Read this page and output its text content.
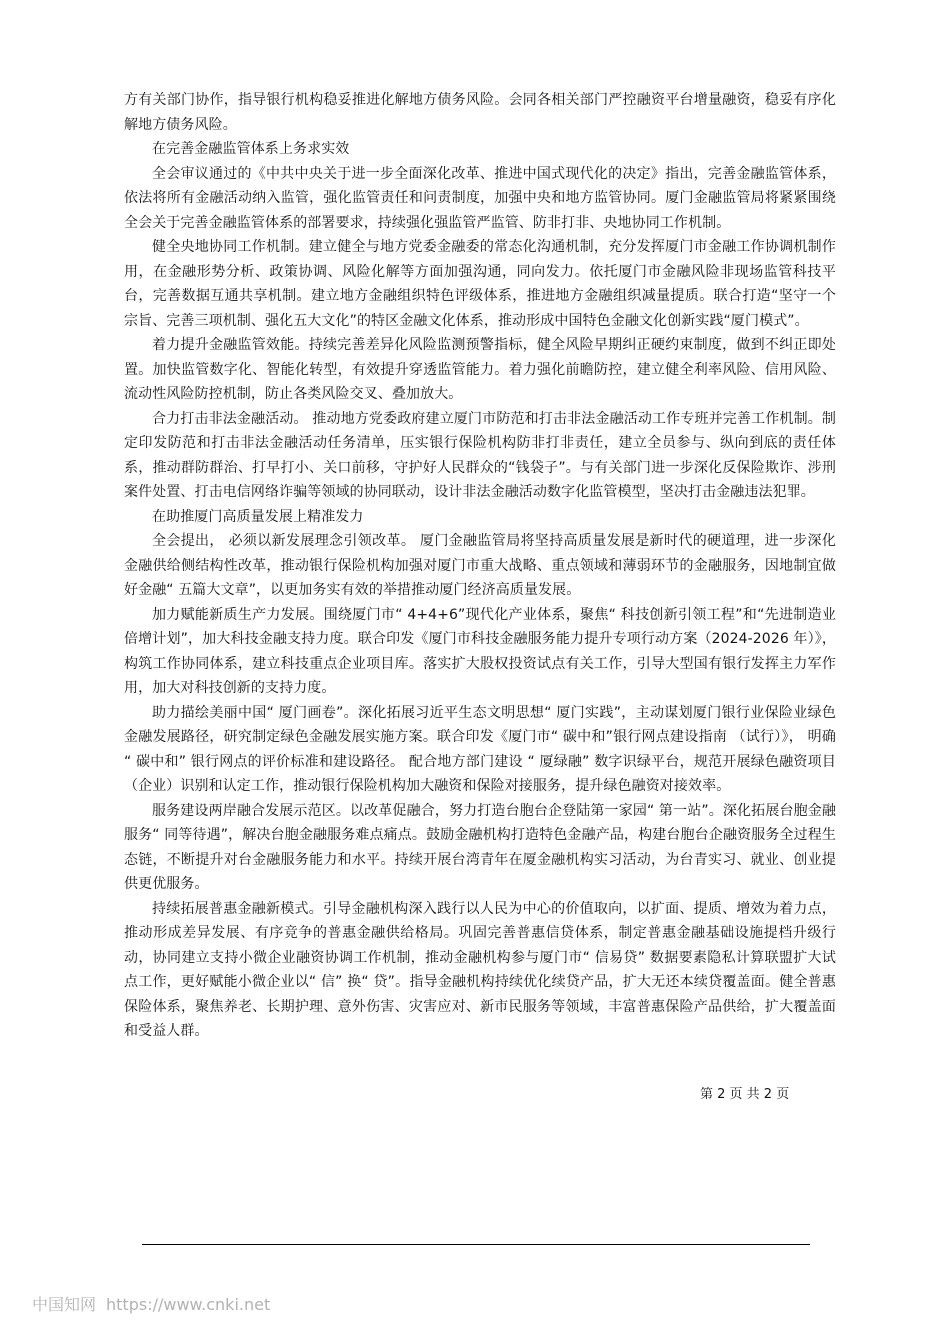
方有关部门协作，指导银行机构稳妥推进化解地方债务风险。会同各相关部门严控融资平台增量融资，稳妥有序化解地方债务风险。

在完善金融监管体系上务求实效

全会审议通过的《中共中央关于进一步全面深化改革、推进中国式现代化的决定》指出，完善金融监管体系，依法将所有金融活动纳入监管，强化监管责任和问责制度，加强中央和地方监管协同。厦门金融监管局将紧紧围绕全会关于完善金融监管体系的部署要求，持续强化强监管严监管、防非打非、央地协同工作机制。

健全央地协同工作机制。建立健全与地方党委金融委的常态化沟通机制，充分发挥厦门市金融工作协调机制作用，在金融形势分析、政策协调、风险化解等方面加强沟通，同向发力。依托厦门市金融风险非现场监管科技平台，完善数据互通共享机制。建立地方金融组织特色评级体系，推进地方金融组织减量提质。联合打造“坚守一个宗旨、完善三项机制、强化五大文化”的特区金融文化体系，推动形成中国特色金融文化创新实践“厦门模式”。

着力提升金融监管效能。持续完善差异化风险监测预警指标，健全风险早期纠正硬约束制度，做到不纠正即处置。加快监管数字化、智能化转型，有效提升穿透监管能力。着力强化前瞻防控，建立健全利率风险、信用风险、流动性风险防控机制，防止各类风险交叉、叠加放大。

合力打击非法金融活动。 推动地方党委政府建立厦门市防范和打击非法金融活动工作专班并完善工作机制。制定印发防范和打击非法金融活动任务清单，压实银行保险机构防非打非责任，建立全员参与、纵向到底的责任体系，推动群防群治、打早打小、关口前移，守护好人民群众的“钱袋子”。与有关部门进一步深化反保险欺诈、涉刑案件处置、打击电信网络诈骗等领域的协同联动，设计非法金融活动数字化监管模型，坚决打击金融违法犯罪。

在助推厦门高质量发展上精准发力

全会提出， 必须以新发展理念引领改革。 厦门金融监管局将坚持高质量发展是新时代的硬道理，进一步深化金融供给侧结构性改革，推动银行保险机构加强对厦门市重大战略、重点领域和薄弱环节的金融服务，因地制宜做好金融“ 五篇大文章”，以更加务实有效的举措推动厦门经济高质量发展。

加力赋能新质生产力发展。围绕厦门市“ 4+4+6”现代化产业体系，聚焦“ 科技创新引领工程”和“先进制造业倍增计划”，加大科技金融支持力度。联合印发《厦门市科技金融服务能力提升专项行动方案（2024-2026 年）》，构筑工作协同体系，建立科技重点企业项目库。落实扩大股权投资试点有关工作，引导大型国有银行发挥主力军作用，加大对科技创新的支持力度。

助力描绘美丽中国“ 厦门画卷”。深化拓展习近平生态文明思想“ 厦门实践”，主动谋划厦门银行业保险业绿色金融发展路径，研究制定绿色金融发展实施方案。联合印发《厦门市“ 碳中和”银行网点建设指南 （试行）》， 明确 “ 碳中和” 银行网点的评价标准和建设路径。 配合地方部门建设 “ 厦绿融” 数字识绿平台，规范开展绿色融资项目（企业）识别和认定工作，推动银行保险机构加大融资和保险对接服务，提升绿色融资对接效率。

服务建设两岸融合发展示范区。以改革促融合，努力打造台胞台企登陆第一家园“ 第一站”。深化拓展台胞金融服务“ 同等待遇”，解决台胞金融服务难点痛点。鼓励金融机构打造特色金融产品，构建台胞台企融资服务全过程生态链，不断提升对台金融服务能力和水平。持续开展台湾青年在厦金融机构实习活动，为台青实习、就业、创业提供更优服务。

持续拓展普惠金融新模式。引导金融机构深入践行以人民为中心的价值取向，以扩面、提质、增效为着力点，推动形成差异发展、有序竞争的普惠金融供给格局。巩固完善普惠信贷体系，制定普惠金融基础设施提档升级行动，协同建立支持小微企业融资协调工作机制，推动金融机构参与厦门市“ 信易贷” 数据要素隐私计算联盟扩大试点工作，更好赋能小微企业以“ 信” 换“ 贷”。指导金融机构持续优化续贷产品，扩大无还本续贷覆盖面。健全普惠保险体系，聚焦养老、长期护理、意外伤害、灾害应对、新市民服务等领域，丰富普惠保险产品供给，扩大覆盖面和受益人群。

第 2 页 共 2 页
中国知网 https://www.cnki.net
